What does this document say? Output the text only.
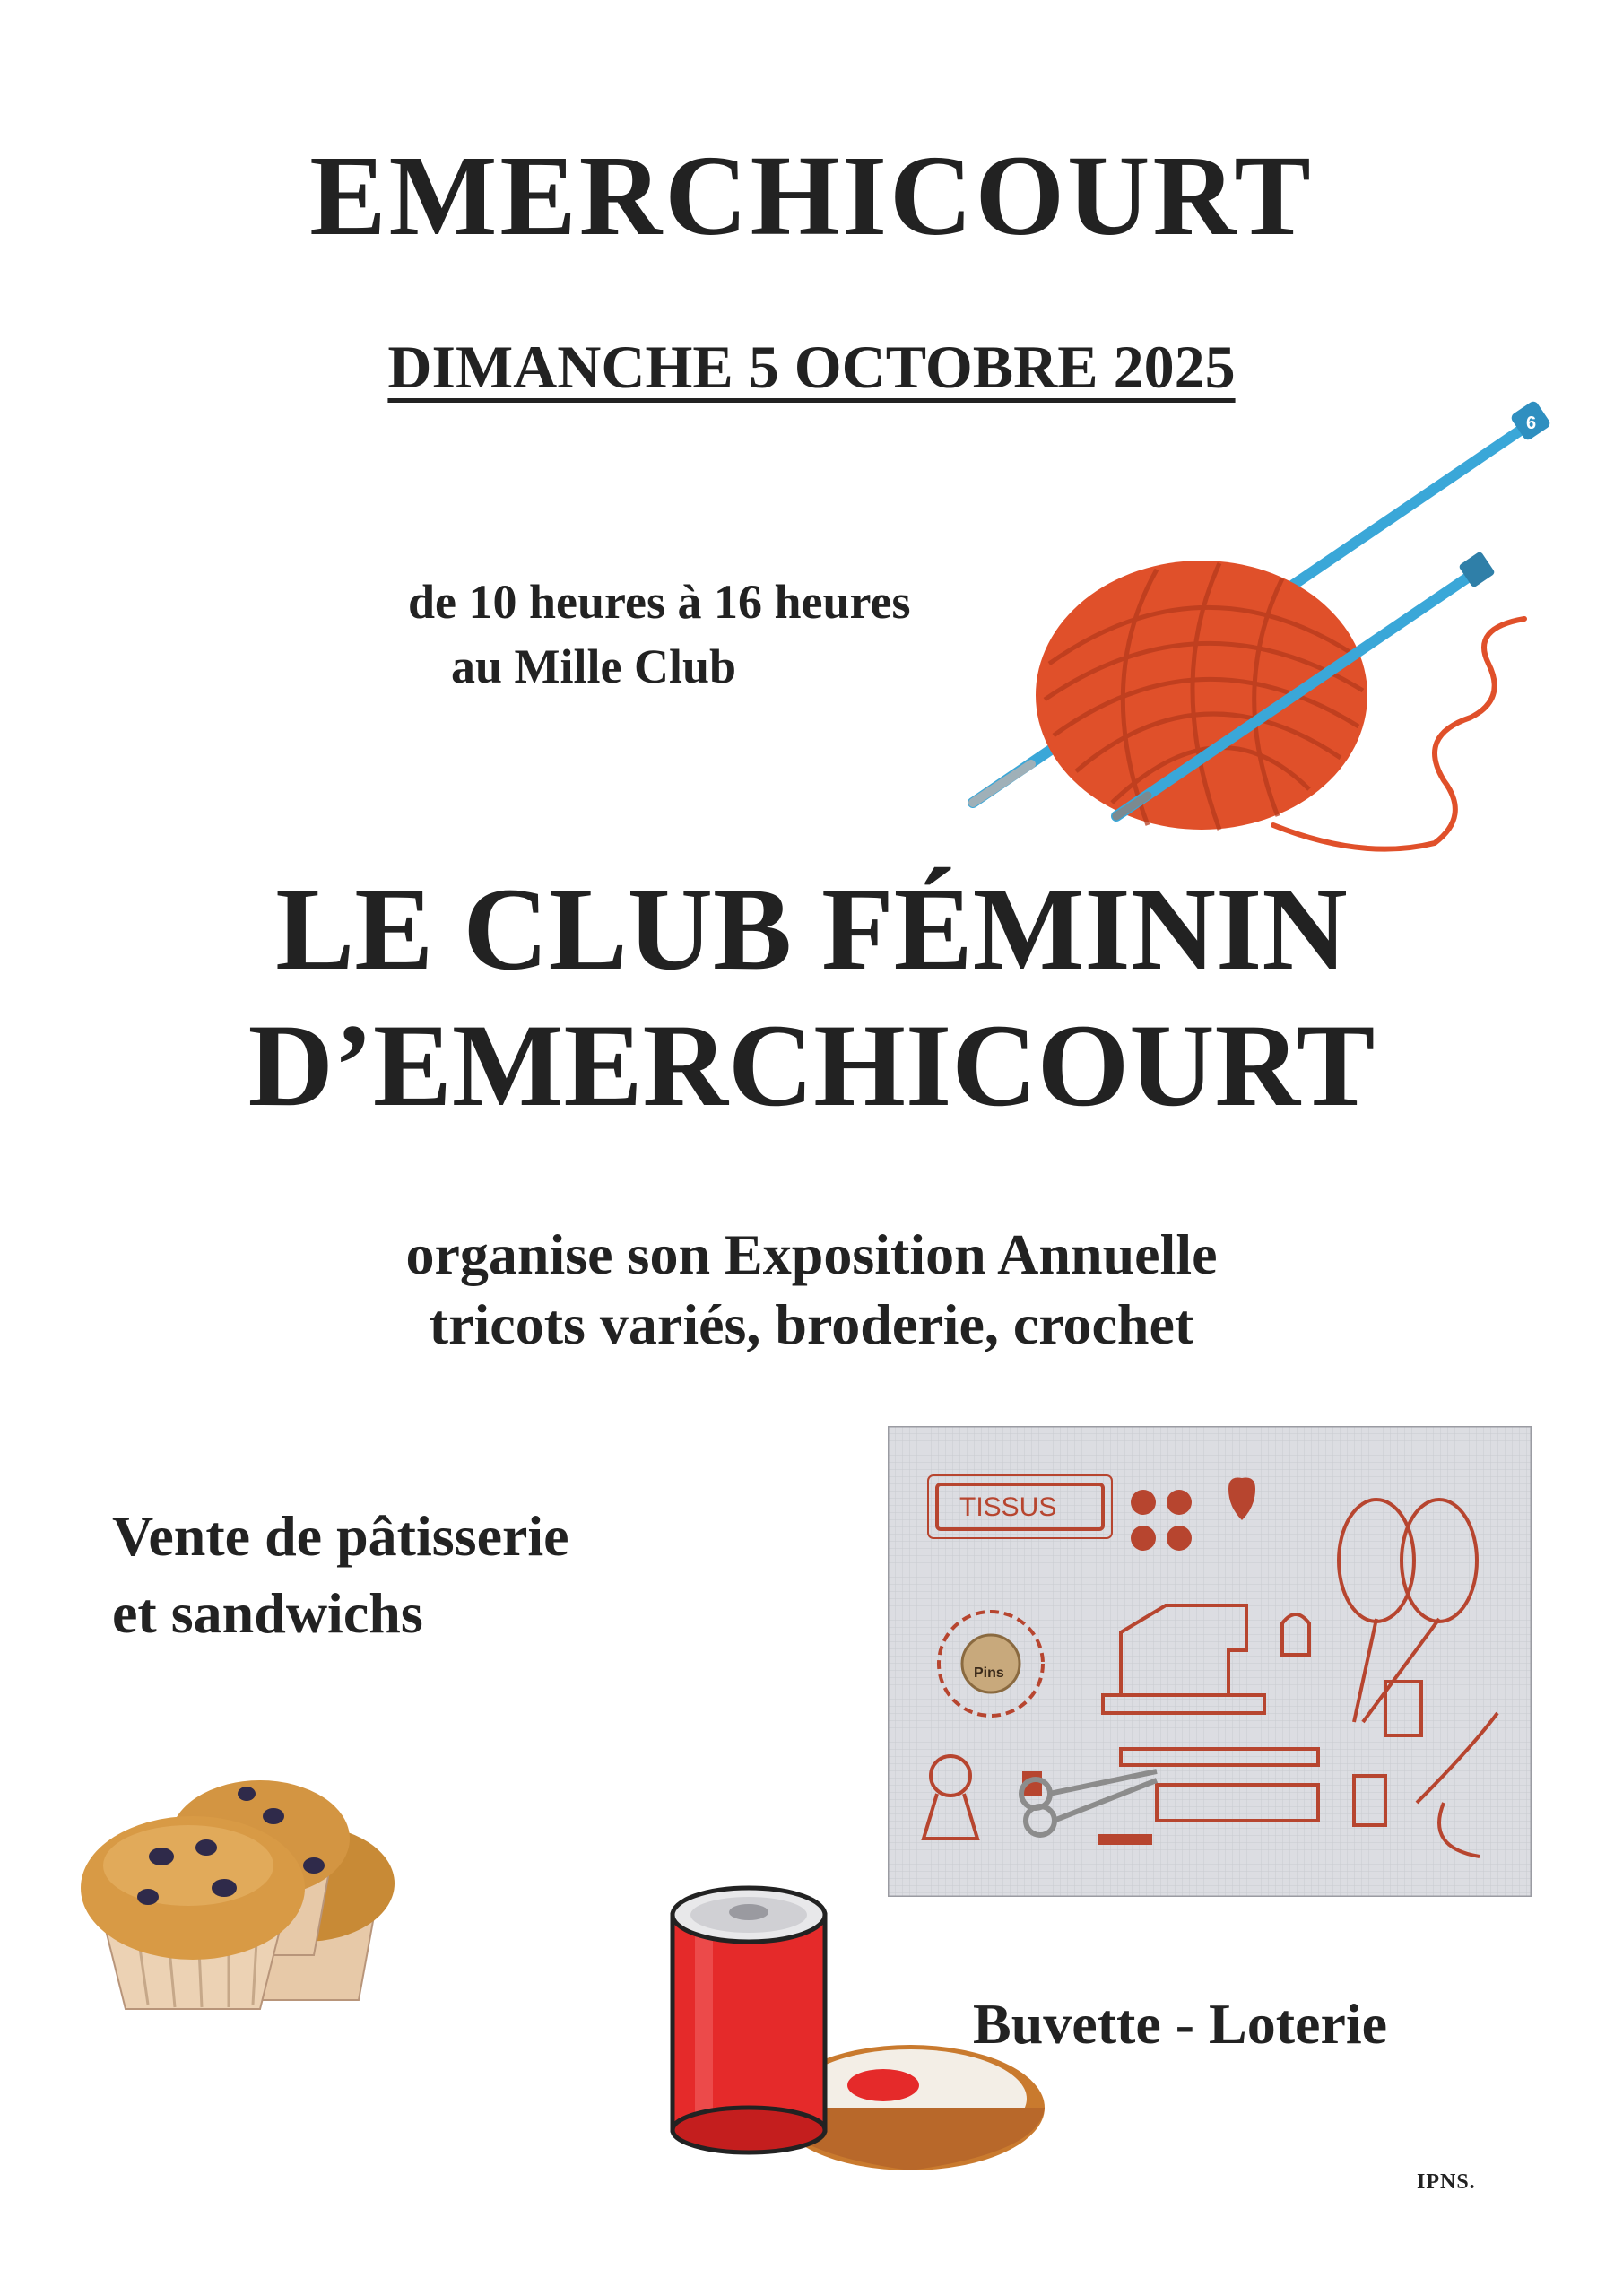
EMERCHICOURT
DIMANCHE 5 OCTOBRE 2025
de 10 heures à 16 heures
au Mille Club
6
LE CLUB FÉMININ
D’EMERCHICOURT
organise son Exposition Annuelle
tricots variés, broderie, crochet
Vente de pâtisserie
et sandwichs
TISSUS
Pins
Buvette - Loterie
IPNS.
